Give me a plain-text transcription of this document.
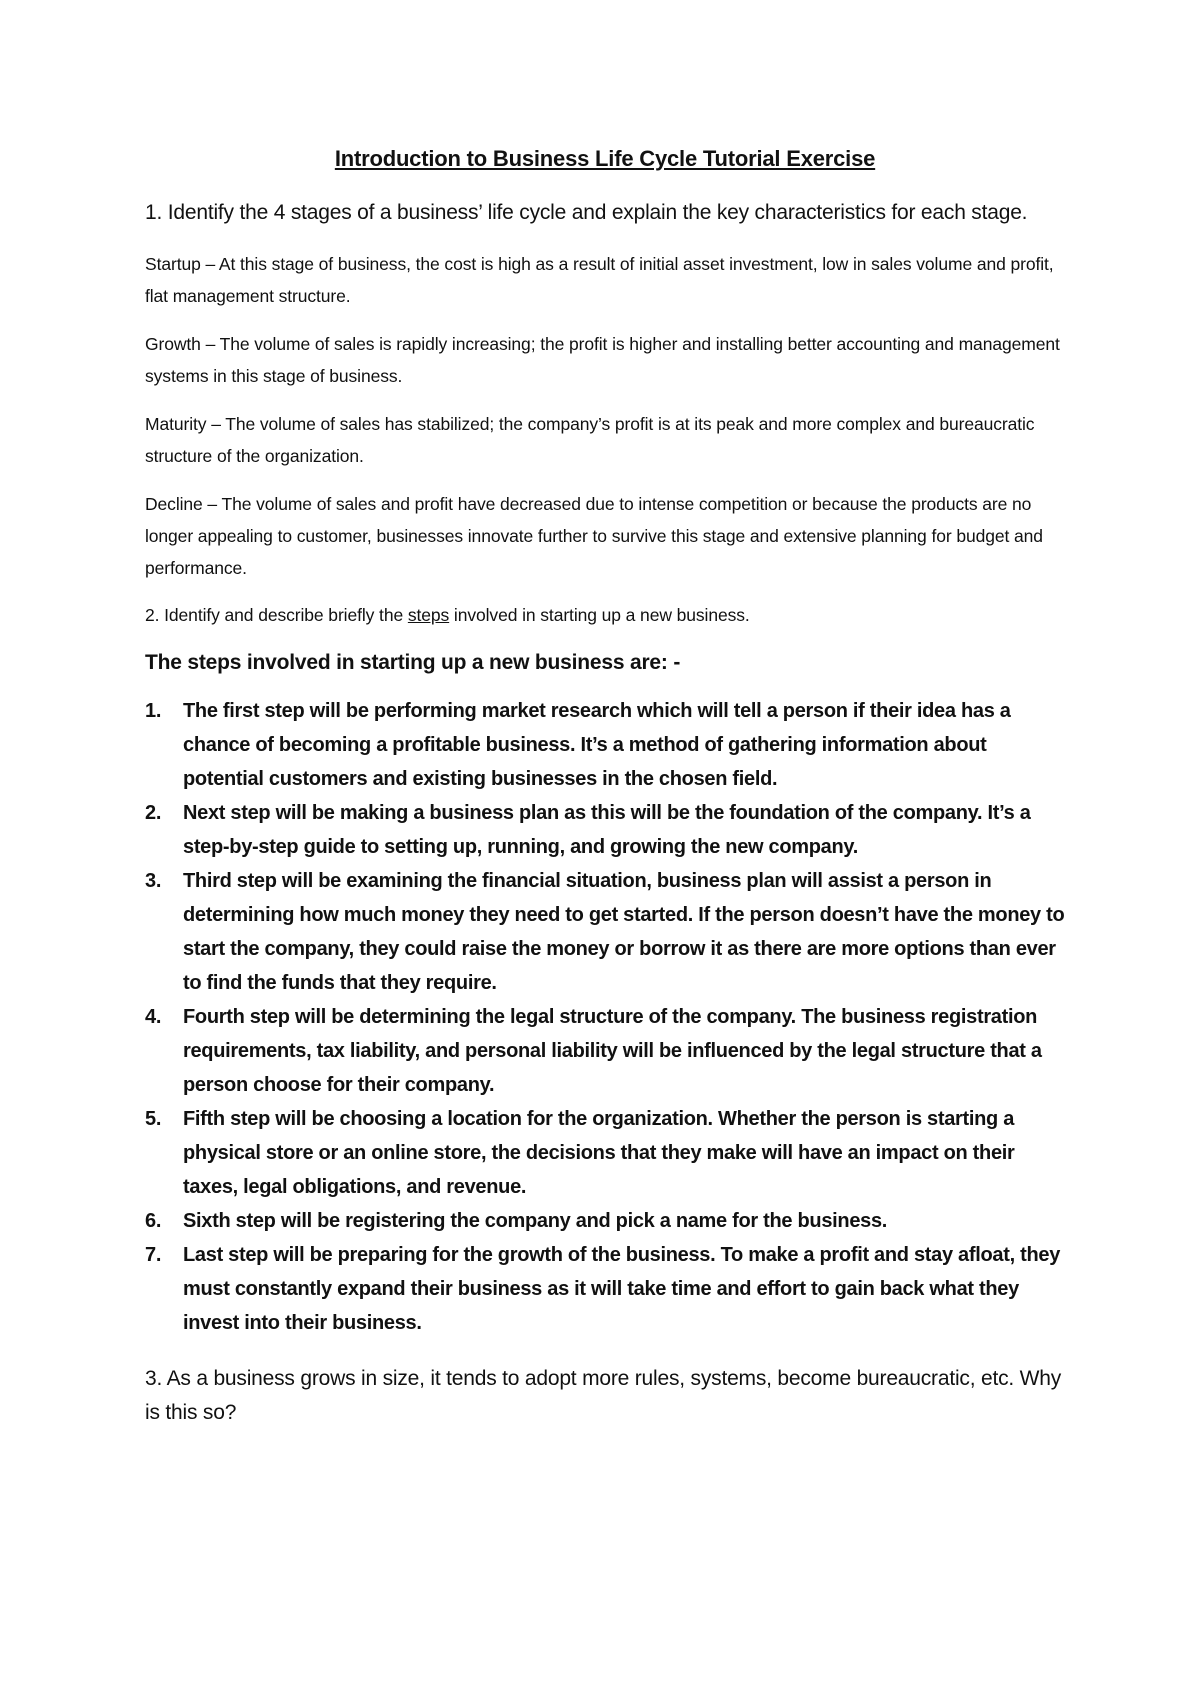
Introduction to Business Life Cycle Tutorial Exercise

1. Identify the 4 stages of a business’ life cycle and explain the key characteristics for each stage.

Startup – At this stage of business, the cost is high as a result of initial asset investment, low in sales volume and profit, flat management structure.

Growth – The volume of sales is rapidly increasing; the profit is higher and installing better accounting and management systems in this stage of business.

Maturity – The volume of sales has stabilized; the company’s profit is at its peak and more complex and bureaucratic structure of the organization.

Decline – The volume of sales and profit have decreased due to intense competition or because the products are no longer appealing to customer, businesses innovate further to survive this stage and extensive planning for budget and performance.

2. Identify and describe briefly the steps involved in starting up a new business.

The steps involved in starting up a new business are: -

1.	The first step will be performing market research which will tell a person if their idea has a chance of becoming a profitable business. It’s a method of gathering information about potential customers and existing businesses in the chosen field.
2.	Next step will be making a business plan as this will be the foundation of the company. It’s a step-by-step guide to setting up, running, and growing the new company.
3.	Third step will be examining the financial situation, business plan will assist a person in determining how much money they need to get started. If the person doesn’t have the money to start the company, they could raise the money or borrow it as there are more options than ever to find the funds that they require.
4.	Fourth step will be determining the legal structure of the company. The business registration requirements, tax liability, and personal liability will be influenced by the legal structure that a person choose for their company.
5.	Fifth step will be choosing a location for the organization. Whether the person is starting a physical store or an online store, the decisions that they make will have an impact on their taxes, legal obligations, and revenue.
6.	Sixth step will be registering the company and pick a name for the business.
7.	Last step will be preparing for the growth of the business. To make a profit and stay afloat, they must constantly expand their business as it will take time and effort to gain back what they invest into their business.

3. As a business grows in size, it tends to adopt more rules, systems, become bureaucratic, etc. Why is this so?
